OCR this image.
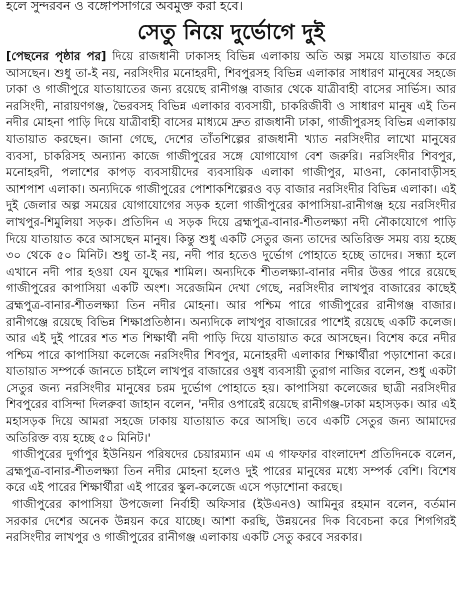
হলে সুন্দরবন ও বঙ্গোপসাগরে অবমুক্ত করা হবে।
সেতু নিয়ে দুর্ভোগে দুই

[পেছনের পৃষ্ঠার পর] দিয়ে রাজধানী ঢাকাসহ বিভিন্ন এলাকায় অতি অল্প সময়ে যাতায়াত করে আসছেন। শুধু তা-ই নয়, নরসিংদীর মনোহরদী, শিবপুরসহ বিভিন্ন এলাকার সাধারণ মানুষের সহজে ঢাকা ও গাজীপুরে যাতায়াতের জন্য রয়েছে রানীগঞ্জ বাজার থেকে যাত্রীবাহী বাসের সার্ভিস। আর নরসিংদী, নারায়ণগঞ্জ, ভৈরবসহ বিভিন্ন এলাকার ব্যবসায়ী, চাকরিজীবী ও সাধারণ মানুষ এই তিন নদীর মোহনা পাড়ি দিয়ে যাত্রীবাহী বাসের মাধ্যমে দ্রুত রাজধানী ঢাকা, গাজীপুরসহ বিভিন্ন এলাকায় যাতায়াত করছেন। জানা গেছে, দেশের তাঁতশিল্পের রাজধানী খ্যাত নরসিংদীর লাখো মানুষের ব্যবসা, চাকরিসহ অন্যান্য কাজে গাজীপুরের সঙ্গে যোগাযোগ বেশ জরুরি। নরসিংদীর শিবপুর, মনোহরদী, পলাশের কাপড় ব্যবসায়ীদের ব্যবসায়িক এলাকা গাজীপুর, মাওনা, কোনাবাড়ীসহ আশপাশ এলাকা। অন্যদিকে গাজীপুরের পোশাকশিল্পেরও বড় বাজার নরসিংদীর বিভিন্ন এলাকা। এই দুই জেলার অল্প সময়ের যোগাযোগের সড়ক হলো গাজীপুরের কাপাসিয়া-রানীগঞ্জ হয়ে নরসিংদীর লাখপুর-শিমুলিয়া সড়ক। প্রতিদিন এ সড়ক দিয়ে ব্রহ্মপুত্র-বানার-শীতলক্ষ্যা নদী নৌকাযোগে পাড়ি দিয়ে যাতায়াত করে আসছেন মানুষ। কিন্তু শুধু একটি সেতুর জন্য তাদের অতিরিক্ত সময় ব্যয় হচ্ছে ৩০ থেকে ৫০ মিনিট। শুধু তা-ই নয়, নদী পার হতেও দুর্ভোগ পোহাতে হচ্ছে তাদের। সন্ধ্যা হলে এখানে নদী পার হওয়া যেন যুদ্ধের শামিল। অন্যদিকে শীতলক্ষ্যা-বানার নদীর উত্তর পারে রয়েছে গাজীপুরের কাপাসিয়া একটি অংশ। সরেজমিন দেখা গেছে, নরসিংদীর লাখপুর বাজারের কাছেই ব্রহ্মপুত্র-বানার-শীতলক্ষ্যা তিন নদীর মোহনা। আর পশ্চিম পারে গাজীপুরের রানীগঞ্জ বাজার। রানীগঞ্জে রয়েছে বিভিন্ন শিক্ষাপ্রতিষ্ঠান। অন্যদিকে লাখপুর বাজারের পাশেই রয়েছে একটি কলেজ। আর এই দুই পারের শত শত শিক্ষার্থী নদী পাড়ি দিয়ে যাতায়াত করে আসছেন। বিশেষ করে নদীর পশ্চিম পারে কাপাসিয়া কলেজে নরসিংদীর শিবপুর, মনোহরদী এলাকার শিক্ষার্থীরা পড়াশোনা করে। যাতায়াত সম্পর্কে জানতে চাইলে লাখপুর বাজারের ওষুধ ব্যবসায়ী তুরাগ নাজির বলেন, শুধু একটা সেতুর জন্য নরসিংদীর মানুষের চরম দুর্ভোগ পোহাতে হয়। কাপাসিয়া কলেজের ছাত্রী নরসিংদীর শিবপুরের বাসিন্দা দিলরুবা জাহান বলেন, 'নদীর ওপারেই রয়েছে রানীগঞ্জ-ঢাকা মহাসড়ক। আর এই মহাসড়ক দিয়ে আমরা সহজে ঢাকায় যাতায়াত করে আসছি। তবে একটি সেতুর জন্য আমাদের অতিরিক্ত ব্যয় হচ্ছে ৫০ মিনিট।'

গাজীপুরের দুর্গাপুর ইউনিয়ন পরিষদের চেয়ারম্যান এম এ গাফফার বাংলাদেশ প্রতিদিনকে বলেন, ব্রহ্মপুত্র-বানার-শীতলক্ষ্যা তিন নদীর মোহনা হলেও দুই পারের মানুষের মধ্যে সম্পর্ক বেশি। বিশেষ করে এই পারের শিক্ষার্থীরা এই পারের স্কুল-কলেজে এসে পড়াশোনা করছে।

গাজীপুরের কাপাসিয়া উপজেলা নির্বাহী অফিসার (ইউএনও) আমিনুর রহমান বলেন, বর্তমান সরকার দেশের অনেক উন্নয়ন করে যাচ্ছে। আশা করছি, উন্নয়নের দিক বিবেচনা করে শিগগিরই নরসিংদীর লাখপুর ও গাজীপুরের রানীগঞ্জ এলাকায় একটি সেতু করবে সরকার।
